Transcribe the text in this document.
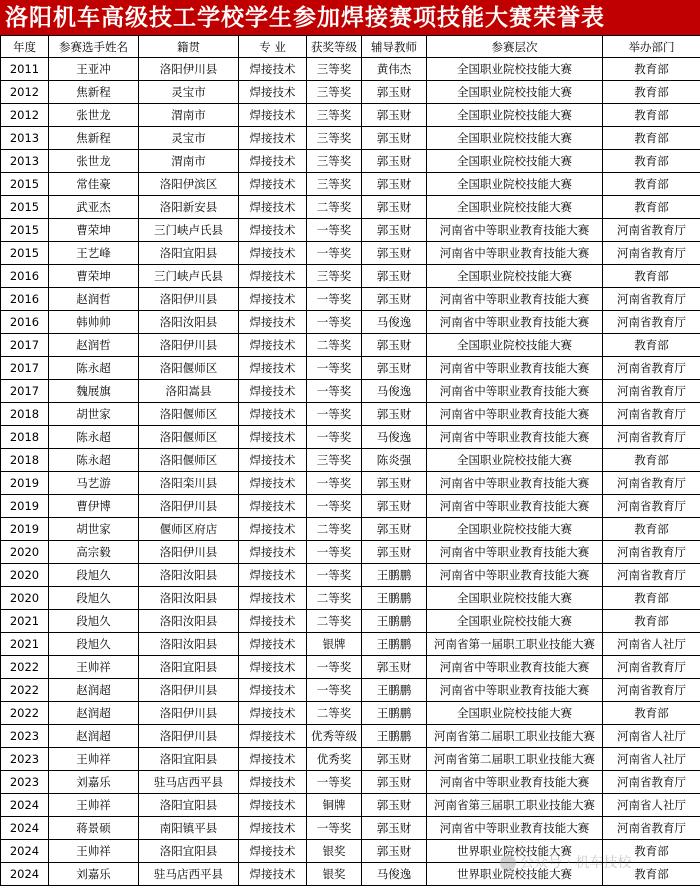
洛阳机车高级技工学校学生参加焊接赛项技能大赛荣誉表
年度	参赛选手姓名	籍贯	专 业	获奖等级	辅导教师	参赛层次	举办部门
2011	王亚冲	洛阳伊川县	焊接技术	三等奖	黄伟杰	全国职业院校技能大赛	教育部
2012	焦新程	灵宝市	焊接技术	三等奖	郭玉财	全国职业院校技能大赛	教育部
2012	张世龙	渭南市	焊接技术	三等奖	郭玉财	全国职业院校技能大赛	教育部
2013	焦新程	灵宝市	焊接技术	三等奖	郭玉财	全国职业院校技能大赛	教育部
2013	张世龙	渭南市	焊接技术	三等奖	郭玉财	全国职业院校技能大赛	教育部
2015	常佳豪	洛阳伊滨区	焊接技术	三等奖	郭玉财	全国职业院校技能大赛	教育部
2015	武亚杰	洛阳新安县	焊接技术	二等奖	郭玉财	全国职业院校技能大赛	教育部
2015	曹荣坤	三门峡卢氏县	焊接技术	一等奖	郭玉财	河南省中等职业教育技能大赛	河南省教育厅
2015	王艺峰	洛阳宜阳县	焊接技术	一等奖	郭玉财	河南省中等职业教育技能大赛	河南省教育厅
2016	曹荣坤	三门峡卢氏县	焊接技术	三等奖	郭玉财	全国职业院校技能大赛	教育部
2016	赵润哲	洛阳伊川县	焊接技术	一等奖	郭玉财	河南省中等职业教育技能大赛	河南省教育厅
2016	韩帅帅	洛阳汝阳县	焊接技术	一等奖	马俊逸	河南省中等职业教育技能大赛	河南省教育厅
2017	赵润哲	洛阳伊川县	焊接技术	二等奖	郭玉财	全国职业院校技能大赛	教育部
2017	陈永超	洛阳偃师区	焊接技术	一等奖	郭玉财	河南省中等职业教育技能大赛	河南省教育厅
2017	魏展旗	洛阳嵩县	焊接技术	一等奖	马俊逸	河南省中等职业教育技能大赛	河南省教育厅
2018	胡世家	洛阳偃师区	焊接技术	一等奖	郭玉财	河南省中等职业教育技能大赛	河南省教育厅
2018	陈永超	洛阳偃师区	焊接技术	一等奖	马俊逸	河南省中等职业教育技能大赛	河南省教育厅
2018	陈永超	洛阳偃师区	焊接技术	三等奖	陈炎强	全国职业院校技能大赛	教育部
2019	马艺游	洛阳栾川县	焊接技术	一等奖	郭玉财	河南省中等职业教育技能大赛	河南省教育厅
2019	曹伊博	洛阳伊川县	焊接技术	一等奖	郭玉财	河南省中等职业教育技能大赛	河南省教育厅
2019	胡世家	偃师区府店	焊接技术	二等奖	郭玉财	全国职业院校技能大赛	教育部
2020	高宗毅	洛阳伊川县	焊接技术	一等奖	郭玉财	河南省中等职业教育技能大赛	河南省教育厅
2020	段旭久	洛阳汝阳县	焊接技术	一等奖	王鹏鹏	河南省中等职业教育技能大赛	河南省教育厅
2020	段旭久	洛阳汝阳县	焊接技术	二等奖	王鹏鹏	全国职业院校技能大赛	教育部
2021	段旭久	洛阳汝阳县	焊接技术	二等奖	王鹏鹏	全国职业院校技能大赛	教育部
2021	段旭久	洛阳汝阳县	焊接技术	银牌	王鹏鹏	河南省第一届职工职业技能大赛	河南省人社厅
2022	王帅祥	洛阳宜阳县	焊接技术	一等奖	郭玉财	河南省中等职业教育技能大赛	河南省教育厅
2022	赵润超	洛阳伊川县	焊接技术	一等奖	王鹏鹏	河南省中等职业教育技能大赛	河南省教育厅
2022	赵润超	洛阳伊川县	焊接技术	二等奖	王鹏鹏	全国职业院校技能大赛	教育部
2023	赵润超	洛阳伊川县	焊接技术	优秀等级	王鹏鹏	河南省第二届职工职业技能大赛	河南省人社厅
2023	王帅祥	洛阳宜阳县	焊接技术	优秀奖	郭玉财	河南省第二届职工职业技能大赛	河南省人社厅
2023	刘嘉乐	驻马店西平县	焊接技术	一等奖	郭玉财	河南省中等职业教育技能大赛	河南省教育厅
2024	王帅祥	洛阳宜阳县	焊接技术	铜牌	郭玉财	河南省第三届职工职业技能大赛	河南省人社厅
2024	蒋景硕	南阳镇平县	焊接技术	一等奖	郭玉财	河南省中等职业教育技能大赛	河南省教育厅
2024	王帅祥	洛阳宜阳县	焊接技术	银奖	郭玉财	世界职业院校技能大赛	教育部
2024	刘嘉乐	驻马店西平县	焊接技术	银奖	马俊逸	世界职业院校技能大赛	教育部
公众号 · 机车技校
